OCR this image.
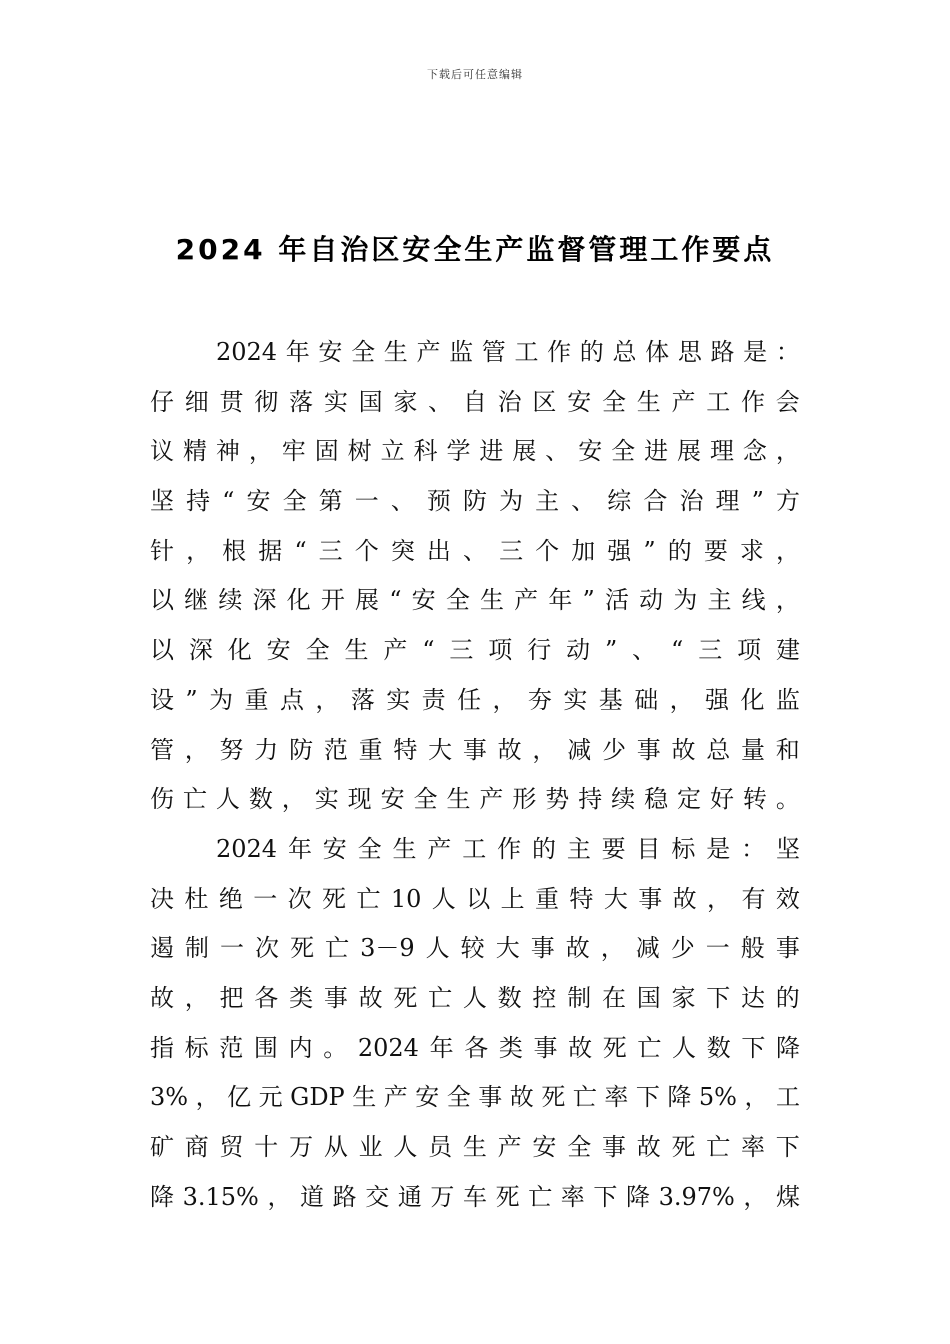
下载后可任意编辑
2024 年自治区安全生产监督管理工作要点
2024 年 安 全 生 产 监 管 工 作 的 总 体 思 路 是 ：
仔 细 贯 彻 落 实 国 家 、 自 治 区 安 全 生 产 工 作 会
议 精 神 ， 牢 固 树 立 科 学 进 展 、 安 全 进 展 理 念 ，
坚 持 “ 安 全 第 一 、 预 防 为 主 、 综 合 治 理 ” 方
针 ， 根 据 “ 三 个 突 出 、 三 个 加 强 ” 的 要 求 ，
以 继 续 深 化 开 展 “ 安 全 生 产 年 ” 活 动 为 主 线 ，
以 深 化 安 全 生 产 “ 三 项 行 动 ” 、 “ 三 项 建
设 ” 为 重 点 ， 落 实 责 任 ， 夯 实 基 础 ， 强 化 监
管 ， 努 力 防 范 重 特 大 事 故 ， 减 少 事 故 总 量 和
伤 亡 人 数 ， 实 现 安 全 生 产 形 势 持 续 稳 定 好 转 。
2024 年 安 全 生 产 工 作 的 主 要 目 标 是 ： 坚
决 杜 绝 一 次 死 亡 10 人 以 上 重 特 大 事 故 ， 有 效
遏 制 一 次 死 亡 3－9 人 较 大 事 故 ， 减 少 一 般 事
故 ， 把 各 类 事 故 死 亡 人 数 控 制 在 国 家 下 达 的
指 标 范 围 内 。 2024 年 各 类 事 故 死 亡 人 数 下 降
3% ， 亿 元 GDP 生 产 安 全 事 故 死 亡 率 下 降 5% ， 工
矿 商 贸 十 万 从 业 人 员 生 产 安 全 事 故 死 亡 率 下
降 3.15% ， 道 路 交 通 万 车 死 亡 率 下 降 3.97% ， 煤
